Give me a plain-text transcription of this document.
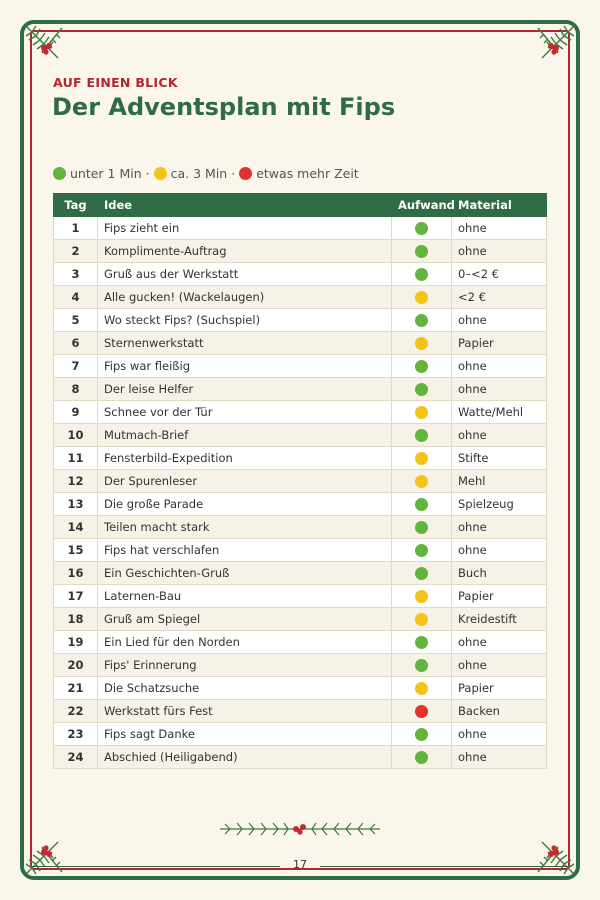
AUF EINEN BLICK
Der Adventsplan mit Fips
unter 1 Min · ca. 3 Min · etwas mehr Zeit
Tag	Idee	Aufwand	Material
1	Fips zieht ein		ohne
2	Komplimente-Auftrag		ohne
3	Gruß aus der Werkstatt		0–<2 €
4	Alle gucken! (Wackelaugen)		<2 €
5	Wo steckt Fips? (Suchspiel)		ohne
6	Sternenwerkstatt		Papier
7	Fips war fleißig		ohne
8	Der leise Helfer		ohne
9	Schnee vor der Tür		Watte/Mehl
10	Mutmach-Brief		ohne
11	Fensterbild-Expedition		Stifte
12	Der Spurenleser		Mehl
13	Die große Parade		Spielzeug
14	Teilen macht stark		ohne
15	Fips hat verschlafen		ohne
16	Ein Geschichten-Gruß		Buch
17	Laternen-Bau		Papier
18	Gruß am Spiegel		Kreidestift
19	Ein Lied für den Norden		ohne
20	Fips' Erinnerung		ohne
21	Die Schatzsuche		Papier
22	Werkstatt fürs Fest		Backen
23	Fips sagt Danke		ohne
24	Abschied (Heiligabend)		ohne
17
